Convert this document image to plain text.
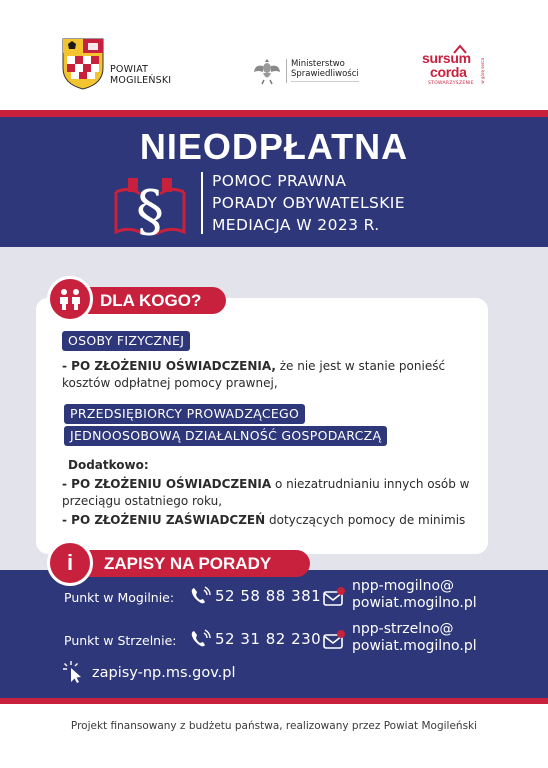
POWIAT
MOGILEŃSKI
Ministerstwo
Sprawiedliwości
sursum
corda
STOWARZYSZENIE w górę serca
NIEODPŁATNA
§	POMOC PRAWNA
PORADY OBYWATELSKIE
MEDIACJA W 2023 R.
DLA KOGO?
OSOBY FIZYCZNEJ
- PO ZŁOŻENIU OŚWIADCZENIA, że nie jest w stanie ponieść kosztów odpłatnej pomocy prawnej,
PRZEDSIĘBIORCY PROWADZĄCEGO
JEDNOOSOBOWĄ DZIAŁALNOŚĆ GOSPODARCZĄ
Dodatkowo:
- PO ZŁOŻENIU OŚWIADCZENIA o niezatrudnianiu innych osób w przeciągu ostatniego roku,
- PO ZŁOŻENIU ZAŚWIADCZEŃ dotyczących pomocy de minimis
ZAPISY NA PORADY
i
Punkt w Mogilnie:	52 58 88 381
npp-mogilno@
powiat.mogilno.pl
Punkt w Strzelnie:	52 31 82 230
npp-strzelno@
powiat.mogilno.pl
zapisy-np.ms.gov.pl
Projekt finansowany z budżetu państwa, realizowany przez Powiat Mogileński
